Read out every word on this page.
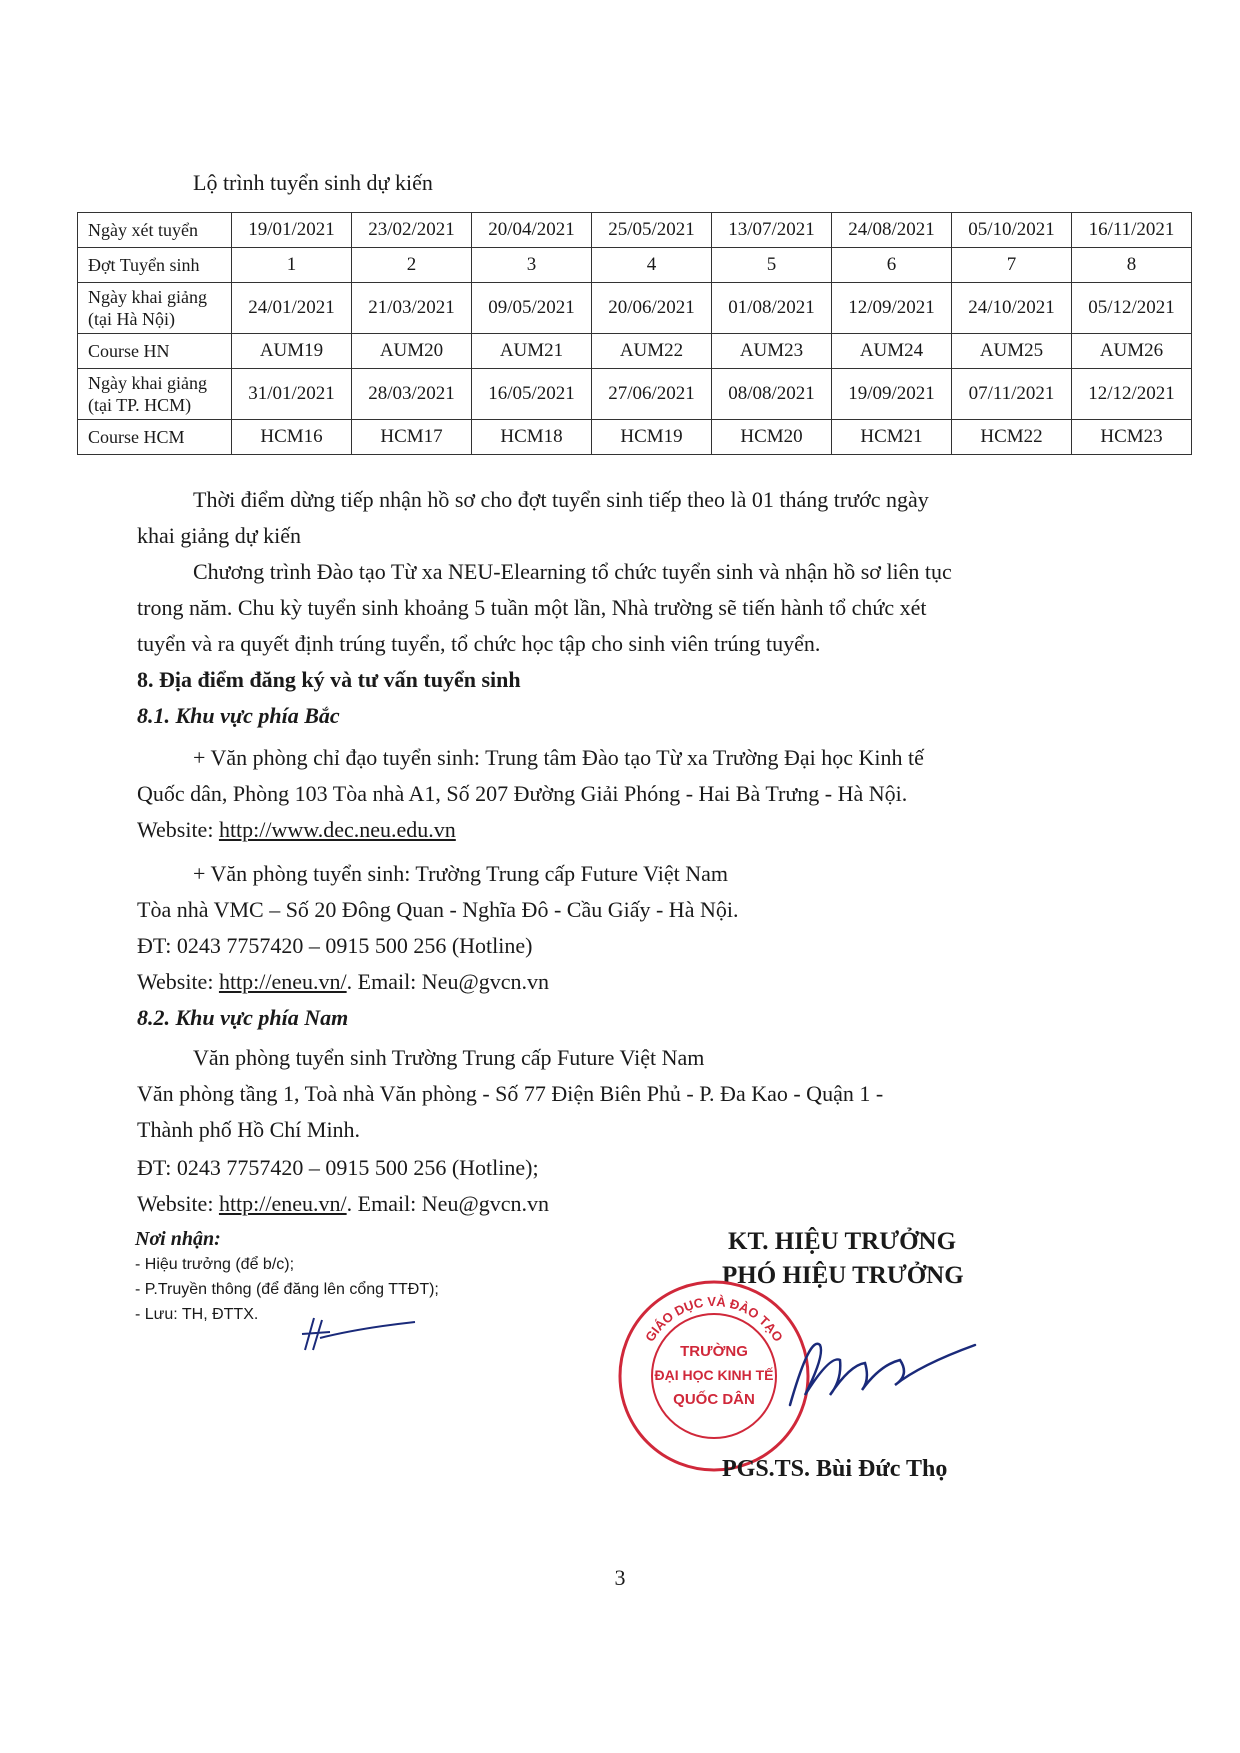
Lộ trình tuyển sinh dự kiến
Ngày xét tuyển	19/01/2021	23/02/2021	20/04/2021	25/05/2021	13/07/2021	24/08/2021	05/10/2021	16/11/2021
Đợt Tuyển sinh	1	2	3	4	5	6	7	8
Ngày khai giảng (tại Hà Nội)	24/01/2021	21/03/2021	09/05/2021	20/06/2021	01/08/2021	12/09/2021	24/10/2021	05/12/2021
Course HN	AUM19	AUM20	AUM21	AUM22	AUM23	AUM24	AUM25	AUM26
Ngày khai giảng (tại TP. HCM)	31/01/2021	28/03/2021	16/05/2021	27/06/2021	08/08/2021	19/09/2021	07/11/2021	12/12/2021
Course HCM	HCM16	HCM17	HCM18	HCM19	HCM20	HCM21	HCM22	HCM23
Thời điểm dừng tiếp nhận hồ sơ cho đợt tuyển sinh tiếp theo là 01 tháng trước ngày
khai giảng dự kiến
Chương trình Đào tạo Từ xa NEU-Elearning tổ chức tuyển sinh và nhận hồ sơ liên tục
trong năm. Chu kỳ tuyển sinh khoảng 5 tuần một lần, Nhà trường sẽ tiến hành tổ chức xét
tuyển và ra quyết định trúng tuyển, tổ chức học tập cho sinh viên trúng tuyển.
8. Địa điểm đăng ký và tư vấn tuyển sinh
8.1. Khu vực phía Bắc
+ Văn phòng chỉ đạo tuyển sinh: Trung tâm Đào tạo Từ xa Trường Đại học Kinh tế
Quốc dân, Phòng 103 Tòa nhà A1, Số 207 Đường Giải Phóng - Hai Bà Trưng - Hà Nội.
Website: http://www.dec.neu.edu.vn
+ Văn phòng tuyển sinh: Trường Trung cấp Future Việt Nam
Tòa nhà VMC – Số 20 Đông Quan - Nghĩa Đô - Cầu Giấy - Hà Nội.
ĐT: 0243 7757420 – 0915 500 256 (Hotline)
Website: http://eneu.vn/. Email: Neu@gvcn.vn
8.2. Khu vực phía Nam
Văn phòng tuyển sinh Trường Trung cấp Future Việt Nam
Văn phòng tầng 1, Toà nhà Văn phòng - Số 77 Điện Biên Phủ - P. Đa Kao - Quận 1 -
Thành phố Hồ Chí Minh.
ĐT: 0243 7757420 – 0915 500 256 (Hotline);
Website: http://eneu.vn/. Email: Neu@gvcn.vn
Nơi nhận:
- Hiệu trưởng (để b/c);
- P.Truyền thông (để đăng lên cổng TTĐT);
- Lưu: TH, ĐTTX.
KT. HIỆU TRƯỞNG
PHÓ HIỆU TRƯỞNG
GIÁO DỤC VÀ ĐÀO TẠO
TRƯỜNG
ĐẠI HỌC KINH TẾ
QUỐC DÂN
PGS.TS. Bùi Đức Thọ
3
